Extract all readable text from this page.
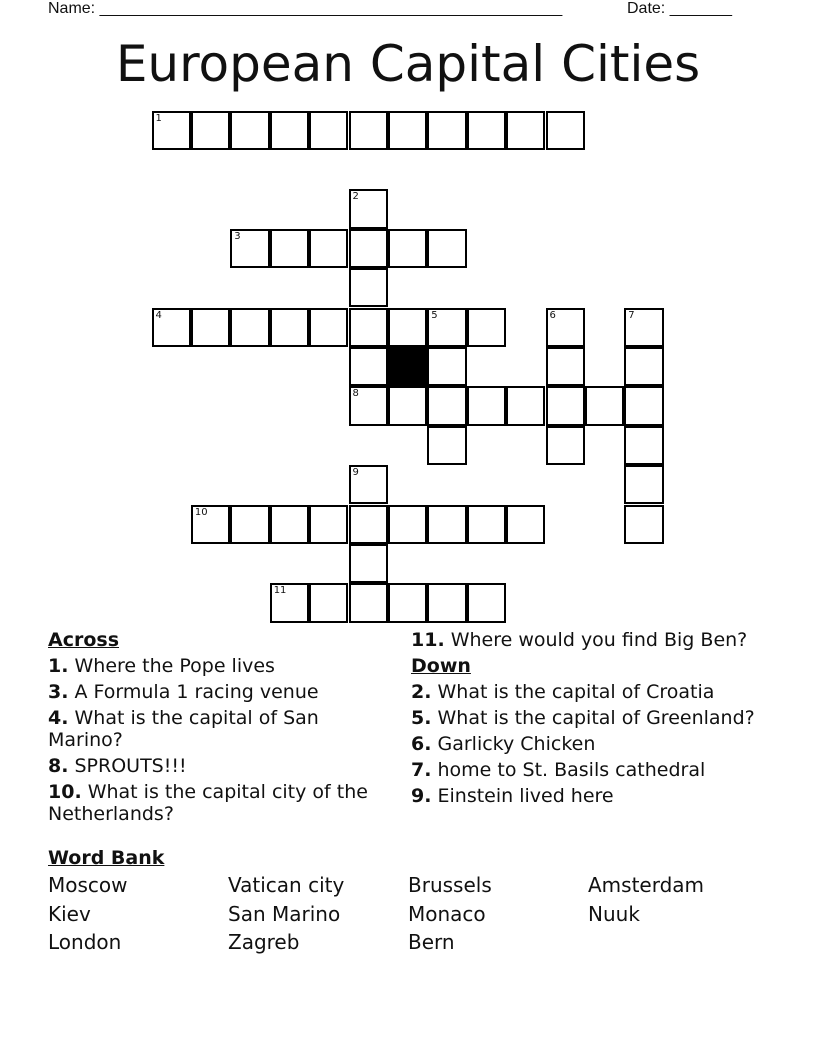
Name: ____________________________________________________	Date: _______
European Capital Cities
1
3
4	5
8
10
11
2
6	7
9
Across
1. Where the Pope lives
3. A Formula 1 racing venue
4. What is the capital of San Marino?
8. SPROUTS!!!
10. What is the capital city of the Netherlands?
11. Where would you find Big Ben?
Down
2. What is the capital of Croatia
5. What is the capital of Greenland?
6. Garlicky Chicken
7. home to St. Basils cathedral
9. Einstein lived here
Word Bank
Moscow	Vatican city	Brussels	Amsterdam
Kiev	San Marino	Monaco	Nuuk
London	Zagreb	Bern
